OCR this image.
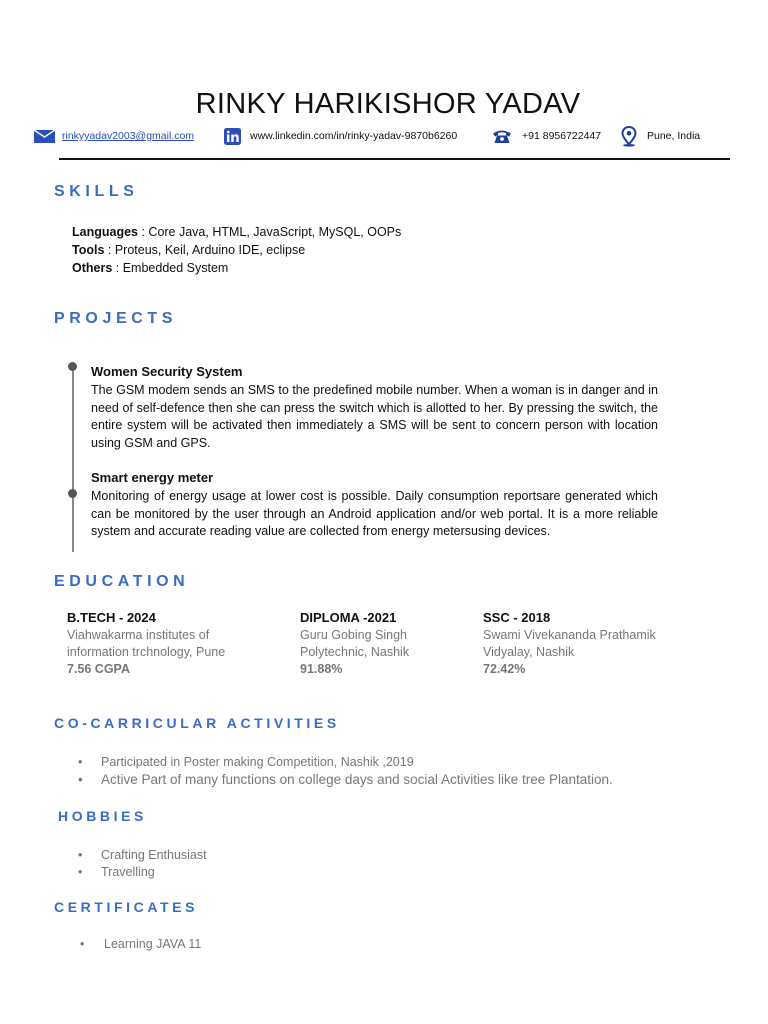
RINKY HARIKISHOR YADAV
rinkyyadav2003@gmail.com	www.linkedin.com/in/rinky-yadav-9870b6260	+91 8956722447	Pune, India
SKILLS
Languages : Core Java, HTML, JavaScript, MySQL, OOPs
Tools : Proteus, Keil, Arduino IDE, eclipse
Others : Embedded System
PROJECTS
Women Security System
The GSM modem sends an SMS to the predefined mobile number. When a woman is in danger and in need of self-defence then she can press the switch which is allotted to her. By pressing the switch, the entire system will be activated then immediately a SMS will be sent to concern person with location using GSM and GPS.
Smart energy meter
Monitoring of energy usage at lower cost is possible. Daily consumption reportsare generated which can be monitored by the user through an Android application and/or web portal. It is a more reliable system and accurate reading value are collected from energy metersusing devices.
EDUCATION
B.TECH - 2024
Viahwakarma institutes of information trchnology, Pune
7.56 CGPA
DIPLOMA -2021
Guru Gobing Singh Polytechnic, Nashik
91.88%
SSC - 2018
Swami Vivekananda Prathamik Vidyalay, Nashik
72.42%
CO-CARRICULAR ACTIVITIES
• Participated in Poster making Competition, Nashik ,2019
• Active Part of many functions on college days and social Activities like tree Plantation.
HOBBIES
• Crafting Enthusiast
• Travelling
CERTIFICATES
• Learning JAVA 11
